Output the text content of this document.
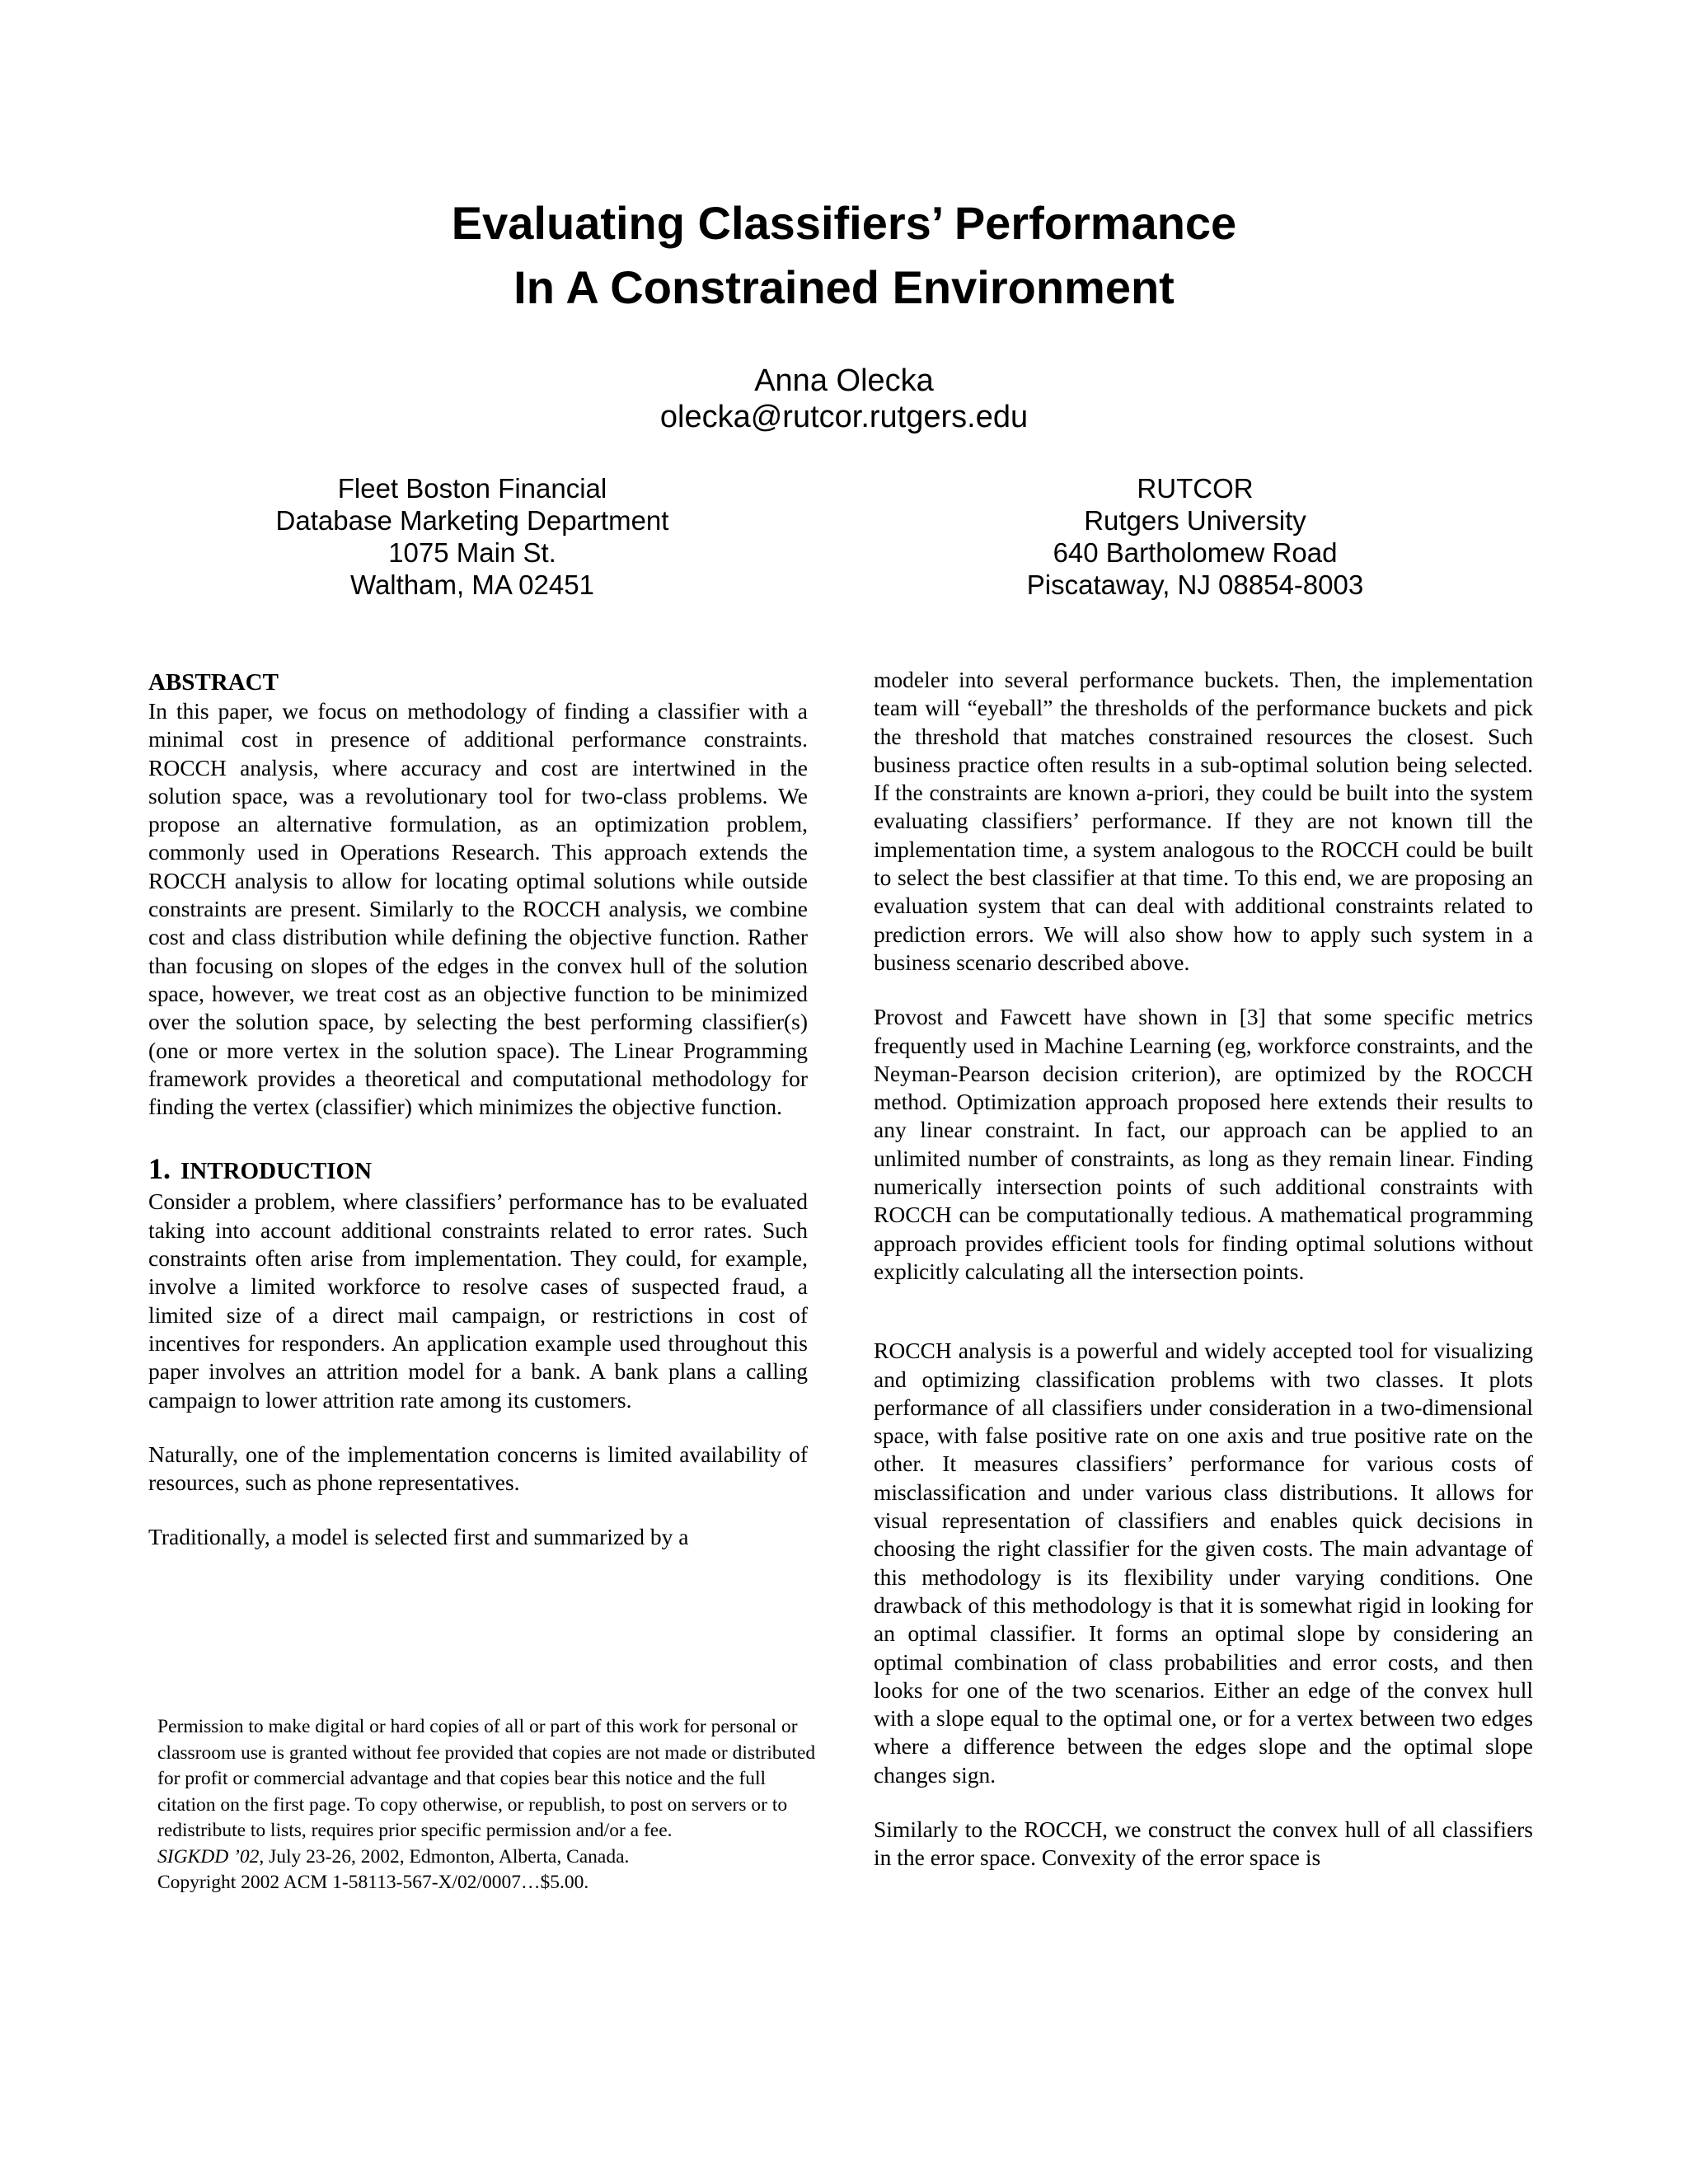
Evaluating Classifiers’ Performance
In A Constrained Environment
Anna Olecka
olecka@rutcor.rutgers.edu
Fleet Boston Financial
Database Marketing Department
1075 Main St.
Waltham, MA 02451
RUTCOR
Rutgers University
640 Bartholomew Road
Piscataway, NJ 08854-8003
ABSTRACT

In this paper, we focus on methodology of finding a classifier with a minimal cost in presence of additional performance constraints. ROCCH analysis, where accuracy and cost are intertwined in the solution space, was a revolutionary tool for two-class problems. We propose an alternative formulation, as an optimization problem, commonly used in Operations Research. This approach extends the ROCCH analysis to allow for locating optimal solutions while outside constraints are present. Similarly to the ROCCH analysis, we combine cost and class distribution while defining the objective function. Rather than focusing on slopes of the edges in the convex hull of the solution space, however, we treat cost as an objective function to be minimized over the solution space, by selecting the best performing classifier(s) (one or more vertex in the solution space). The Linear Programming framework provides a theoretical and computational methodology for finding the vertex (classifier) which minimizes the objective function.

1. INTRODUCTION

Consider a problem, where classifiers’ performance has to be evaluated taking into account additional constraints related to error rates. Such constraints often arise from implementation. They could, for example, involve a limited workforce to resolve cases of suspected fraud, a limited size of a direct mail campaign, or restrictions in cost of incentives for responders. An application example used throughout this paper involves an attrition model for a bank. A bank plans a calling campaign to lower attrition rate among its customers.

Naturally, one of the implementation concerns is limited availability of resources, such as phone representatives.

Traditionally, a model is selected first and summarized by a

Permission to make digital or hard copies of all or part of this work for personal or classroom use is granted without fee provided that copies are not made or distributed for profit or commercial advantage and that copies bear this notice and the full citation on the first page. To copy otherwise, or republish, to post on servers or to redistribute to lists, requires prior specific permission and/or a fee.

SIGKDD ’02, July 23-26, 2002, Edmonton, Alberta, Canada.

Copyright 2002 ACM 1-58113-567-X/02/0007…$5.00.

modeler into several performance buckets. Then, the implementation team will “eyeball” the thresholds of the performance buckets and pick the threshold that matches constrained resources the closest. Such business practice often results in a sub-optimal solution being selected. If the constraints are known a-priori, they could be built into the system evaluating classifiers’ performance. If they are not known till the implementation time, a system analogous to the ROCCH could be built to select the best classifier at that time. To this end, we are proposing an evaluation system that can deal with additional constraints related to prediction errors. We will also show how to apply such system in a business scenario described above.

Provost and Fawcett have shown in [3] that some specific metrics frequently used in Machine Learning (eg, workforce constraints, and the Neyman-Pearson decision criterion), are optimized by the ROCCH method. Optimization approach proposed here extends their results to any linear constraint. In fact, our approach can be applied to an unlimited number of constraints, as long as they remain linear. Finding numerically intersection points of such additional constraints with ROCCH can be computationally tedious. A mathematical programming approach provides efficient tools for finding optimal solutions without explicitly calculating all the intersection points.

ROCCH analysis is a powerful and widely accepted tool for visualizing and optimizing classification problems with two classes. It plots performance of all classifiers under consideration in a two-dimensional space, with false positive rate on one axis and true positive rate on the other. It measures classifiers’ performance for various costs of misclassification and under various class distributions. It allows for visual representation of classifiers and enables quick decisions in choosing the right classifier for the given costs. The main advantage of this methodology is its flexibility under varying conditions. One drawback of this methodology is that it is somewhat rigid in looking for an optimal classifier. It forms an optimal slope by considering an optimal combination of class probabilities and error costs, and then looks for one of the two scenarios. Either an edge of the convex hull with a slope equal to the optimal one, or for a vertex between two edges where a difference between the edges slope and the optimal slope changes sign.

Similarly to the ROCCH, we construct the convex hull of all classifiers in the error space. Convexity of the error space is
